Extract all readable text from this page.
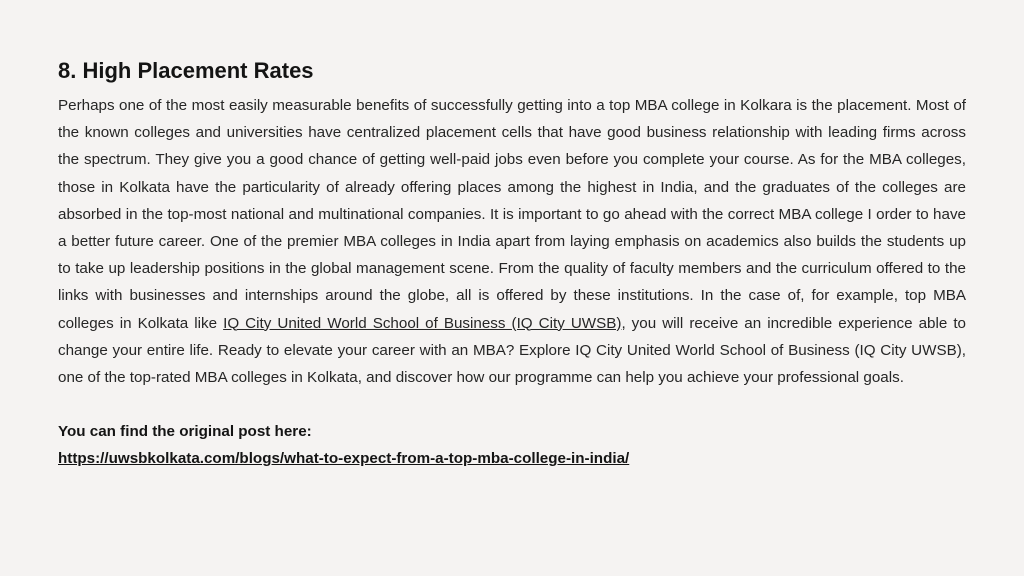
8. High Placement Rates

Perhaps one of the most easily measurable benefits of successfully getting into a top MBA college in Kolkara is the placement. Most of the known colleges and universities have centralized placement cells that have good business relationship with leading firms across the spectrum. They give you a good chance of getting well-paid jobs even before you complete your course. As for the MBA colleges, those in Kolkata have the particularity of already offering places among the highest in India, and the graduates of the colleges are absorbed in the top-most national and multinational companies. It is important to go ahead with the correct MBA college I order to have a better future career. One of the premier MBA colleges in India apart from laying emphasis on academics also builds the students up to take up leadership positions in the global management scene. From the quality of faculty members and the curriculum offered to the links with businesses and internships around the globe, all is offered by these institutions. In the case of, for example, top MBA colleges in Kolkata like IQ City United World School of Business (IQ City UWSB), you will receive an incredible experience able to change your entire life. Ready to elevate your career with an MBA? Explore IQ City United World School of Business (IQ City UWSB), one of the top-rated MBA colleges in Kolkata, and discover how our programme can help you achieve your professional goals.

You can find the original post here:
https://uwsbkolkata.com/blogs/what-to-expect-from-a-top-mba-college-in-india/
